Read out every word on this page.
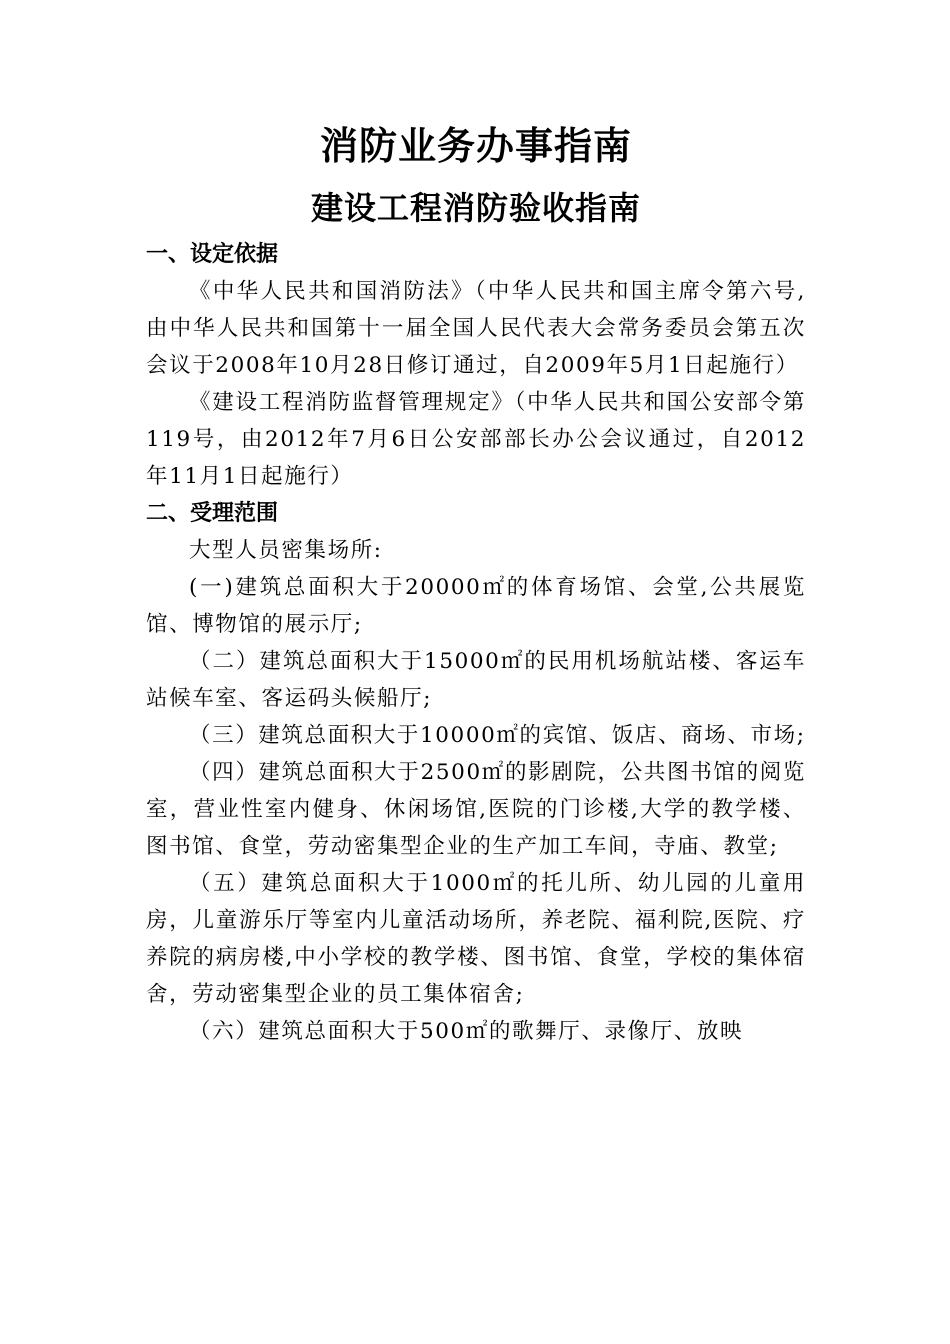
消防业务办事指南
建设工程消防验收指南

一、设定依据

《中华人民共和国消防法》（中华人民共和国主席令第六号,由中华人民共和国第十一届全国人民代表大会常务委员会第五次会议于2008年10月28日修订通过，自2009年5月1日起施行）

《建设工程消防监督管理规定》（中华人民共和国公安部令第119号，由2012年7月6日公安部部长办公会议通过，自2012年11月1日起施行）

二、受理范围

大型人员密集场所:

(一)建筑总面积大于20000㎡的体育场馆、会堂,公共展览馆、博物馆的展示厅;

（二）建筑总面积大于15000㎡的民用机场航站楼、客运车站候车室、客运码头候船厅;

（三）建筑总面积大于10000㎡的宾馆、饭店、商场、市场;

（四）建筑总面积大于2500㎡的影剧院，公共图书馆的阅览室，营业性室内健身、休闲场馆,医院的门诊楼,大学的教学楼、图书馆、食堂，劳动密集型企业的生产加工车间，寺庙、教堂;

（五）建筑总面积大于1000㎡的托儿所、幼儿园的儿童用房，儿童游乐厅等室内儿童活动场所，养老院、福利院,医院、疗养院的病房楼,中小学校的教学楼、图书馆、食堂，学校的集体宿舍，劳动密集型企业的员工集体宿舍;

（六）建筑总面积大于500㎡的歌舞厅、录像厅、放映
